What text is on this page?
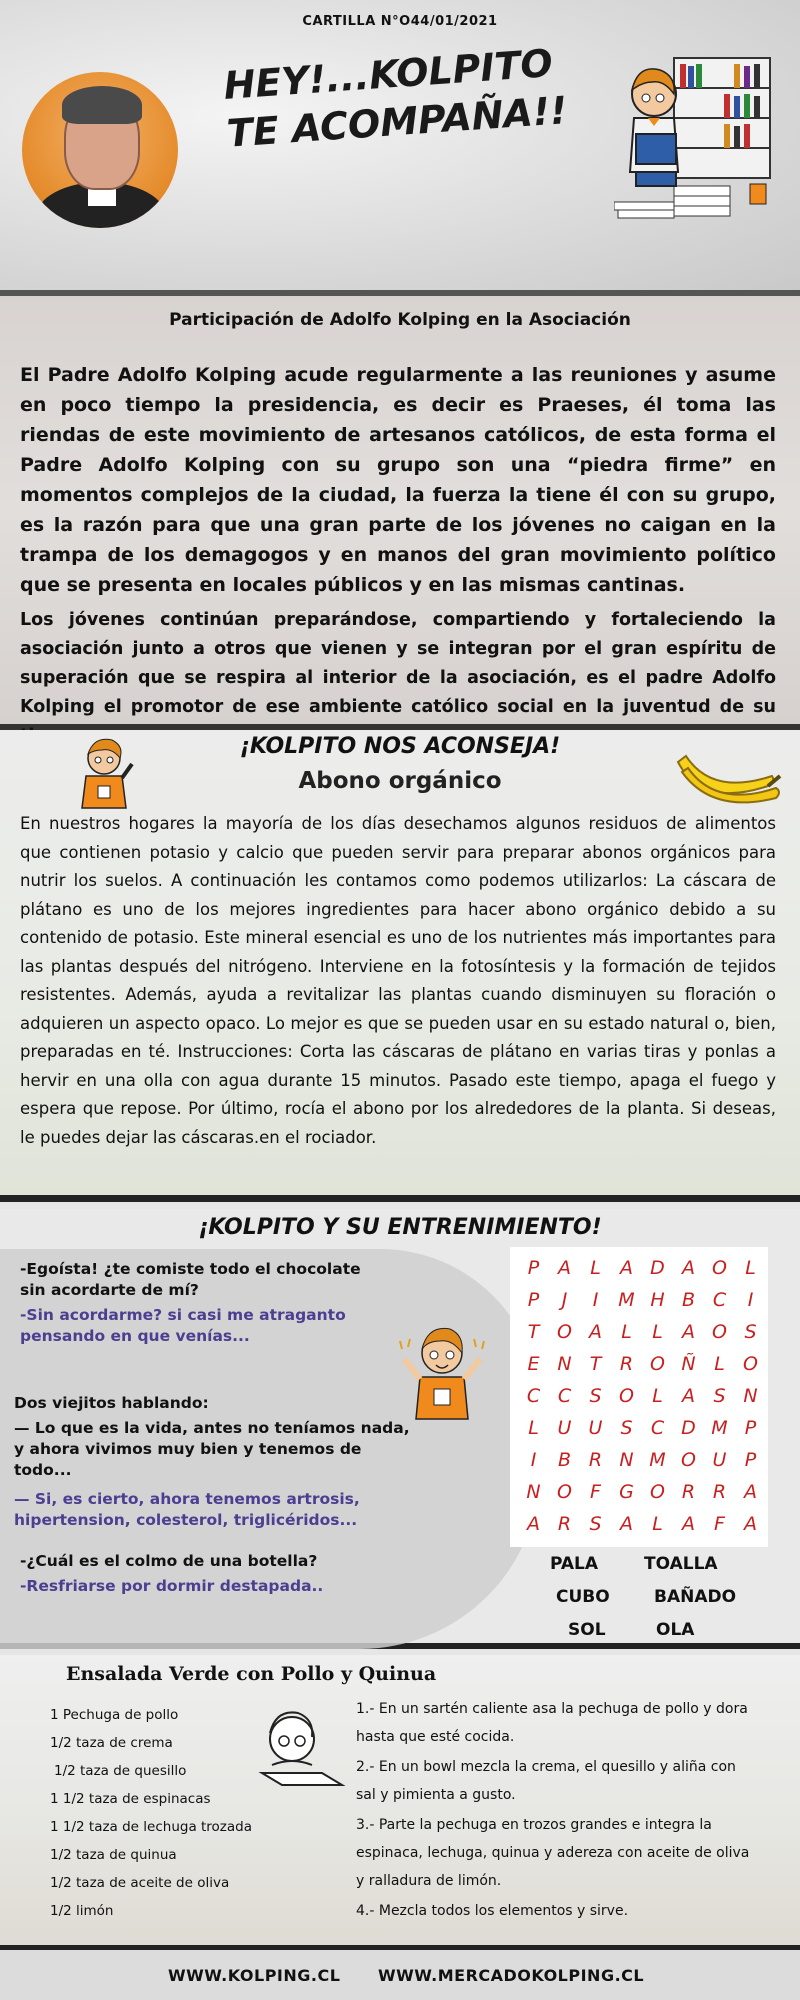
CARTILLA N°O44/01/2021
HEY!...KOLPITO
TE ACOMPAÑA!!
Participación de Adolfo Kolping en la Asociación

El Padre Adolfo Kolping acude regularmente a las reuniones y asume en poco tiempo la presidencia, es decir es Praeses, él toma las riendas de este movimiento de artesanos católicos, de esta forma el Padre Adolfo Kolping con su grupo son una “piedra firme” en momentos complejos de la ciudad, la fuerza la tiene él con su grupo, es la razón para que una gran parte de los jóvenes no caigan en la trampa de los demagogos y en manos del gran movimiento político que se presenta en locales públicos y en las mismas cantinas.

Los jóvenes continúan preparándose, compartiendo y fortaleciendo la asociación junto a otros que vienen y se integran por el gran espíritu de superación que se respira al interior de la asociación, es el padre Adolfo Kolping el promotor de ese ambiente católico social en la juventud de su

¡KOLPITO NOS ACONSEJA!
Abono orgánico

En nuestros hogares la mayoría de los días desechamos algunos residuos de alimentos que contienen potasio y calcio que pueden servir para preparar abonos orgánicos para nutrir los suelos. A continuación les contamos como podemos utilizarlos: La cáscara de plátano es uno de los mejores ingredientes para hacer abono orgánico debido a su contenido de potasio. Este mineral esencial es uno de los nutrientes más importantes para las plantas después del nitrógeno. Interviene en la fotosíntesis y la formación de tejidos resistentes. Además, ayuda a revitalizar las plantas cuando disminuyen su floración o adquieren un aspecto opaco. Lo mejor es que se pueden usar en su estado natural o, bien, preparadas en té. Instrucciones: Corta las cáscaras de plátano en varias tiras y ponlas a hervir en una olla con agua durante 15 minutos. Pasado este tiempo, apaga el fuego y espera que repose. Por último, rocía el abono por los alrededores de la planta. Si deseas, le puedes dejar las cáscaras.en el rociador.

¡KOLPITO Y SU ENTRENIMIENTO!
-Egoísta! ¿te comiste todo el chocolate sin acordarte de mí?
-Sin acordarme? si casi me atraganto pensando en que venías...
Dos viejitos hablando:
— Lo que es la vida, antes no teníamos nada, y ahora vivimos muy bien y tenemos de todo...
— Si, es cierto, ahora tenemos artrosis, hipertension, colesterol, triglicéridos...
-¿Cuál es el colmo de una botella?
-Resfriarse por dormir destapada..
P A	L	A D A O L
P	J	I	M H B C	I
T O A	L	L	A O S
E N T R O Ñ L O
C C S O L	A S N
L U U S C D M P
I	B R N M O U P
N O F G O R R A
A R S A	L	A	F	A
PALA	TOALLA
CUBO	BAÑADO
SOL	OLA
Ensalada Verde con Pollo y Quinua
1 Pechuga de pollo
1/2 taza de crema
1/2 taza de quesillo
1 1/2 taza de espinacas
1 1/2 taza de lechuga trozada
1/2 taza de quinua
1/2 taza de aceite de oliva
1/2 limón

1.- En un sartén caliente asa la pechuga de pollo y dora hasta que esté cocida.

2.- En un bowl mezcla la crema, el quesillo y aliña con sal y pimienta a gusto.

3.- Parte la pechuga en trozos grandes e integra la espinaca, lechuga, quinua y adereza con aceite de oliva y ralladura de limón.

4.- Mezcla todos los elementos y sirve.

WWW.KOLPING.CL WWW.MERCADOKOLPING.CL
